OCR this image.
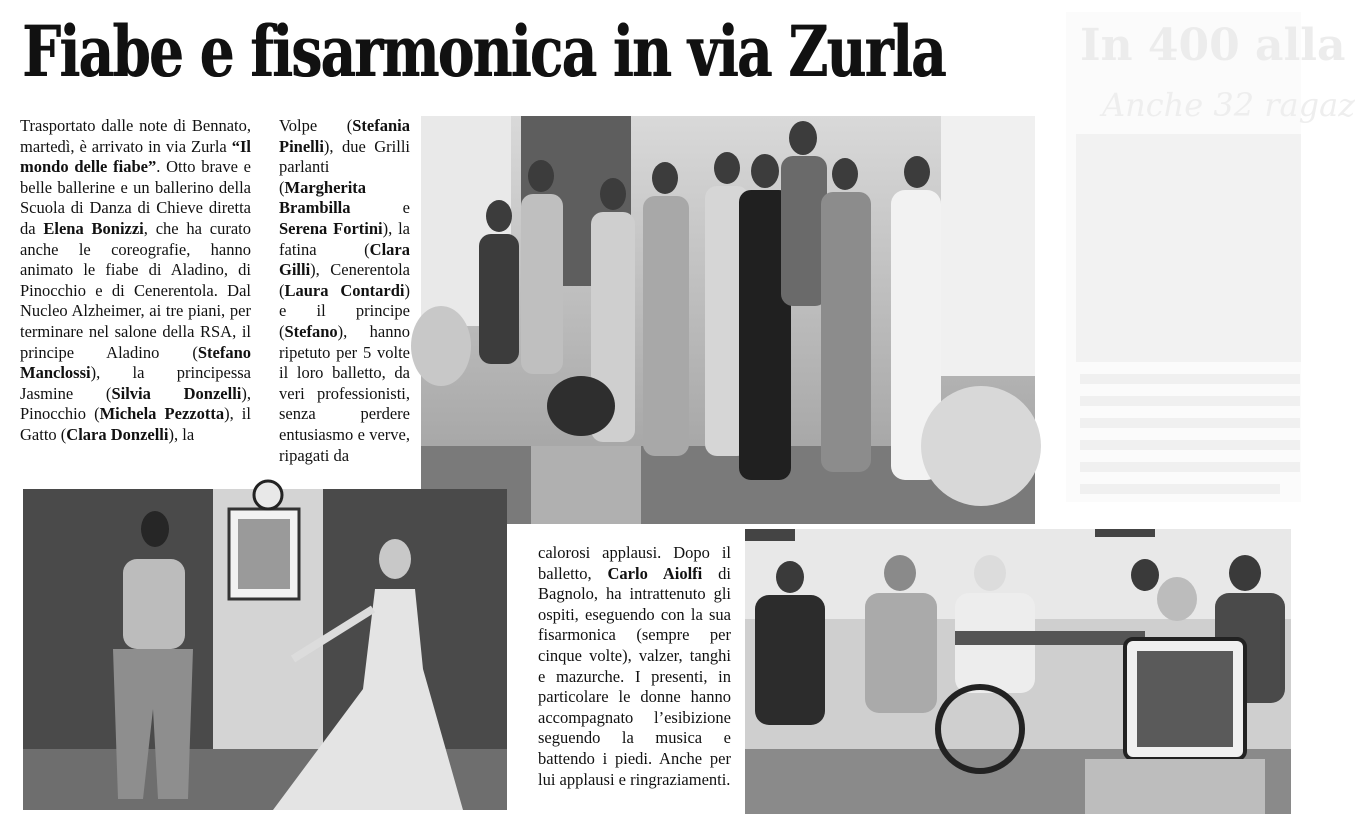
Fiabe e fisarmonica in via Zurla
Trasportato dalle note di Bennato, martedì, è arrivato in via Zurla “Il mondo delle fiabe”. Otto brave e belle ballerine e un ballerino della Scuola di Danza di Chieve diretta da Elena Bonizzi, che ha curato anche le coreografie, hanno animato le fiabe di Aladino, di Pinocchio e di Cenerentola. Dal Nucleo Alzheimer, ai tre piani, per terminare nel salone della RSA, il principe Aladino (Stefano Manclossi), la principessa Jasmine (Silvia Donzelli), Pinocchio (Michela Pezzotta), il Gatto (Clara Donzelli), la
Volpe (Stefania Pinelli), due Grilli parlanti (Margherita Brambilla e Serena Fortini), la fatina (Clara Gilli), Cenerentola (Laura Contardi) e il principe (Stefano), hanno ripetuto per 5 volte il loro balletto, da veri professionisti, senza perdere entusiasmo e verve, ripagati da
calorosi applausi. Dopo il balletto, Carlo Aiolfi di Bagnolo, ha intrattenuto gli ospiti, eseguendo con la sua fisarmonica (sempre per cinque volte), valzer, tanghi e mazurche. I presenti, in particolare le donne hanno accompagnato l’esibizione seguendo la musica e battendo i piedi. Anche per lui applausi e ringraziamenti.
In 400 alla
Anche 32 ragaz
